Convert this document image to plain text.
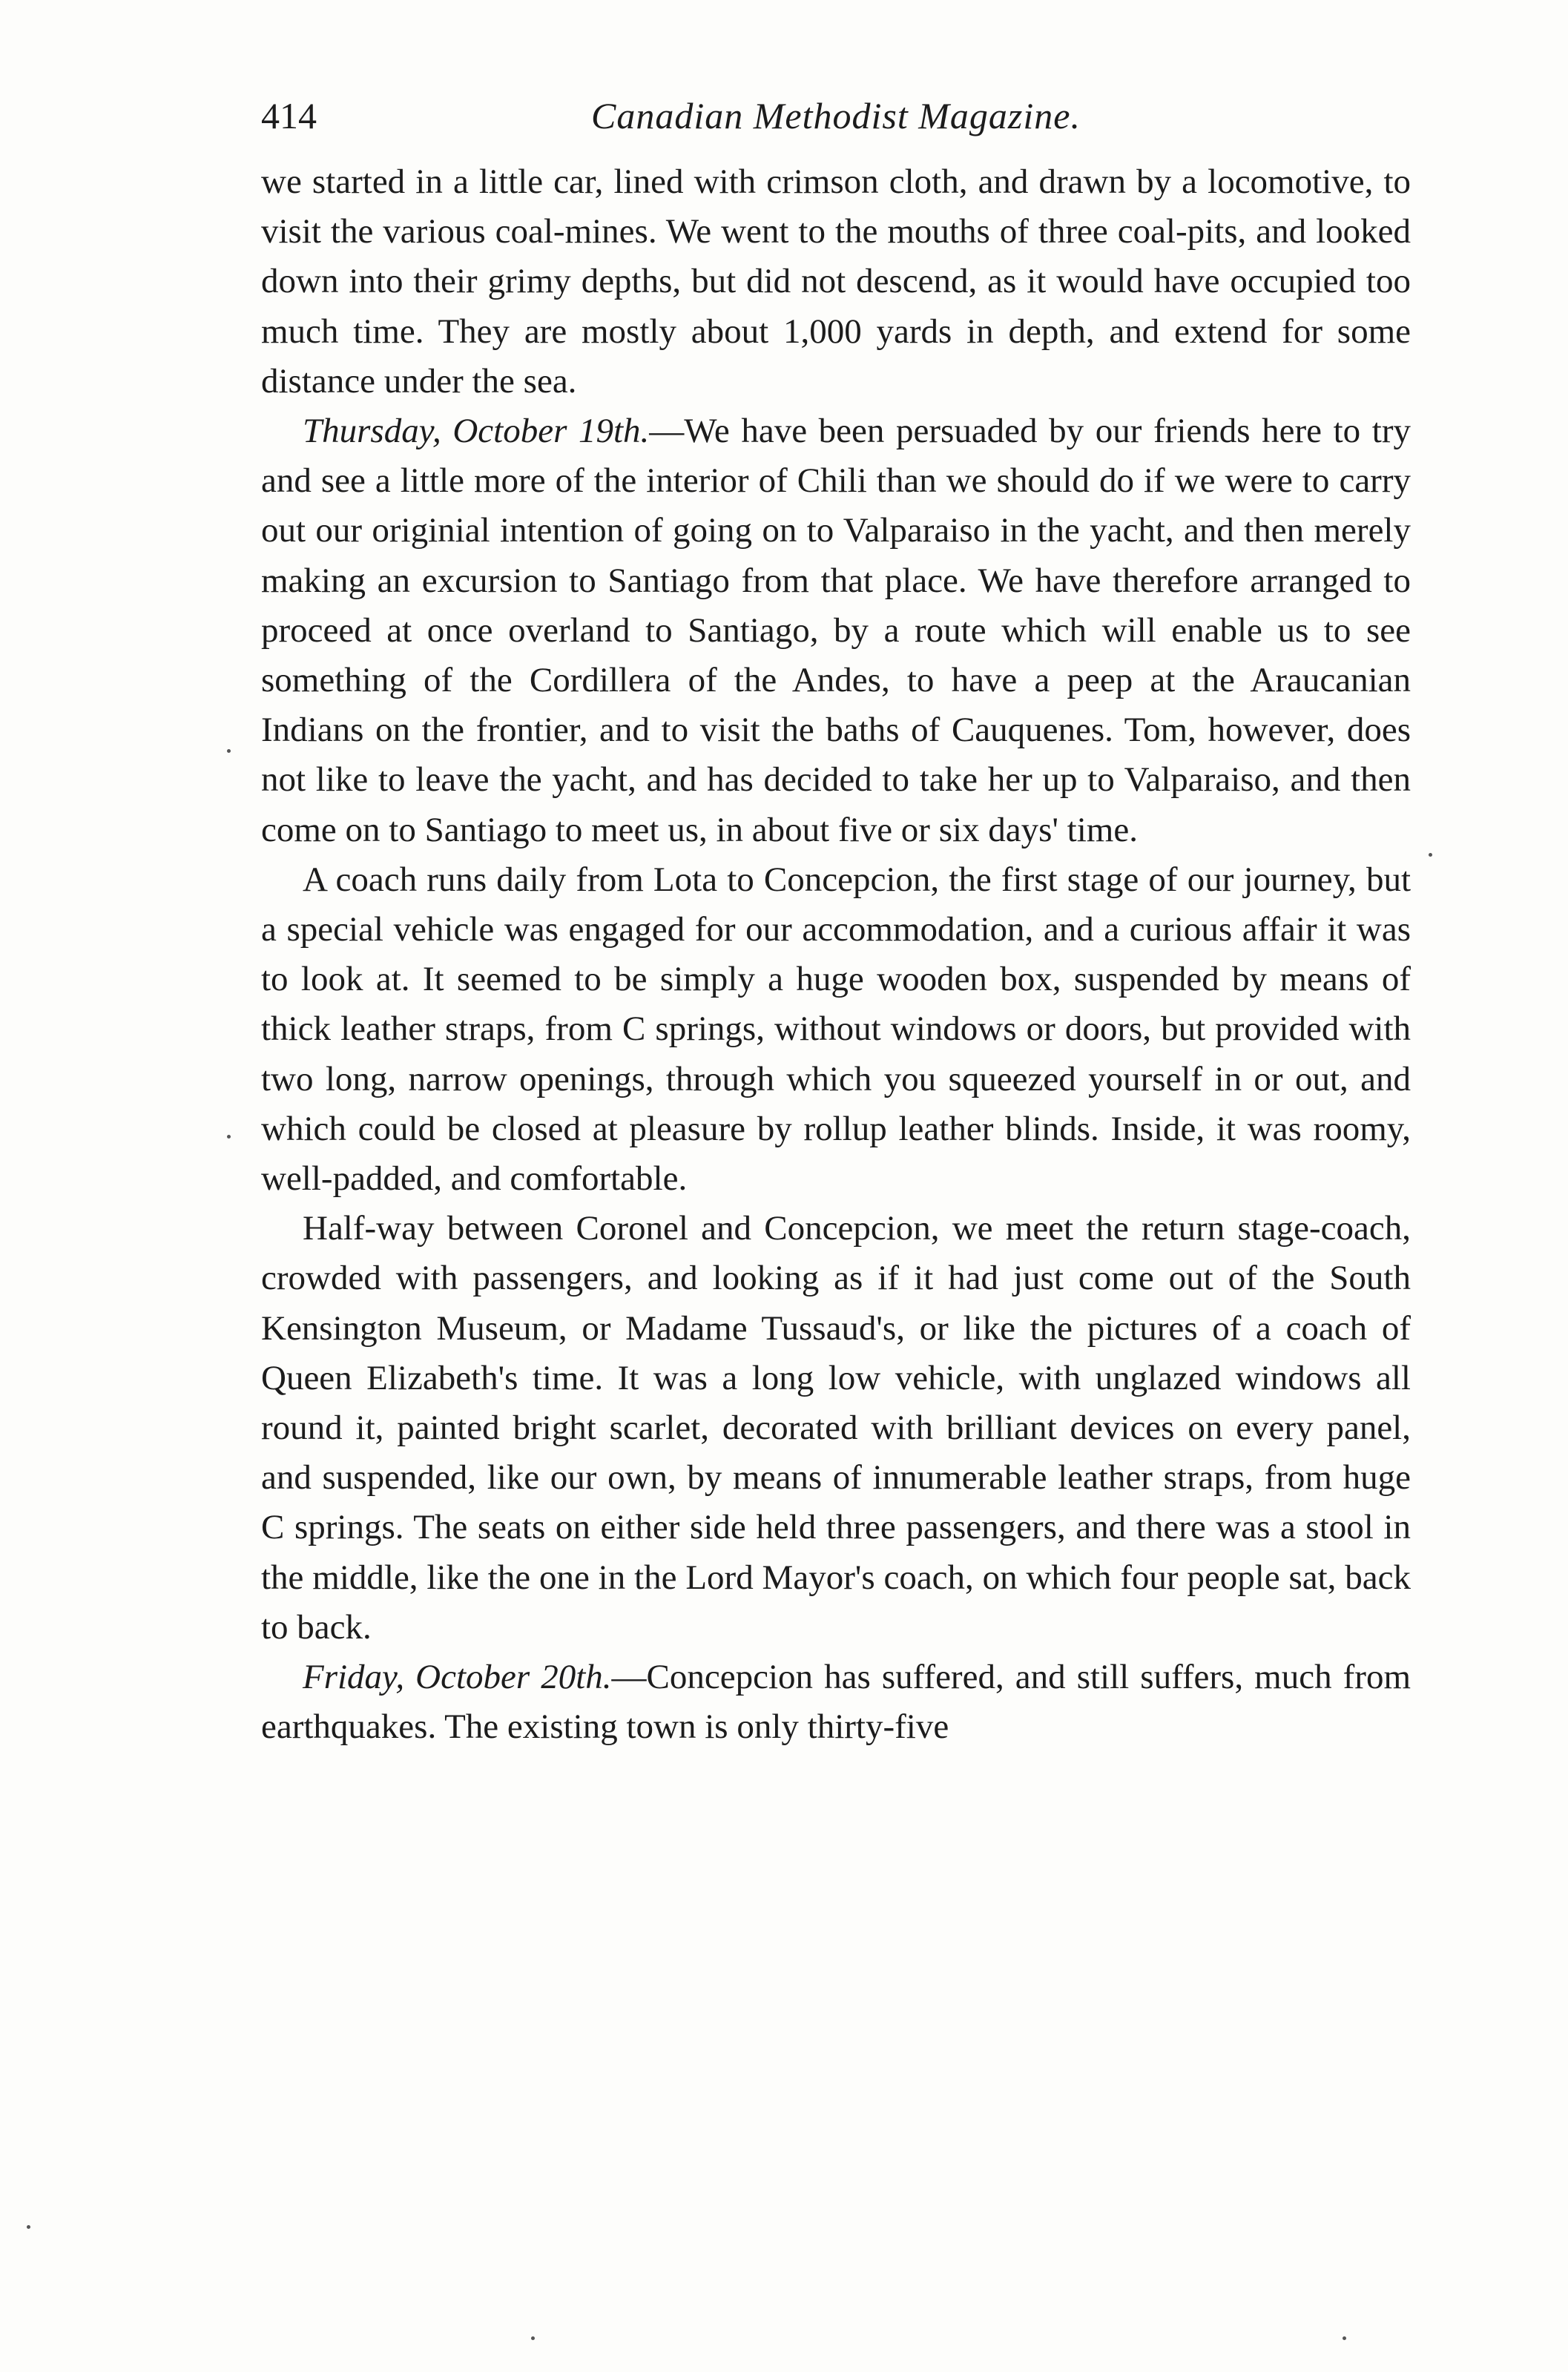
414	Canadian Methodist Magazine.

we started in a little car, lined with crimson cloth, and drawn by a locomotive, to visit the various coal-mines. We went to the mouths of three coal-pits, and looked down into their grimy depths, but did not descend, as it would have occupied too much time. They are mostly about 1,000 yards in depth, and extend for some distance under the sea.

Thursday, October 19th.—We have been persuaded by our friends here to try and see a little more of the interior of Chili than we should do if we were to carry out our originial intention of going on to Valparaiso in the yacht, and then merely making an excursion to Santiago from that place. We have therefore arranged to proceed at once overland to Santiago, by a route which will enable us to see something of the Cordillera of the Andes, to have a peep at the Araucanian Indians on the frontier, and to visit the baths of Cauquenes. Tom, however, does not like to leave the yacht, and has decided to take her up to Valparaiso, and then come on to Santiago to meet us, in about five or six days' time.

A coach runs daily from Lota to Concepcion, the first stage of our journey, but a special vehicle was engaged for our accommodation, and a curious affair it was to look at. It seemed to be simply a huge wooden box, suspended by means of thick leather straps, from C springs, without windows or doors, but provided with two long, narrow openings, through which you squeezed yourself in or out, and which could be closed at pleasure by rollup leather blinds. Inside, it was roomy, well-padded, and comfortable.

Half-way between Coronel and Concepcion, we meet the return stage-coach, crowded with passengers, and looking as if it had just come out of the South Kensington Museum, or Madame Tussaud's, or like the pictures of a coach of Queen Elizabeth's time. It was a long low vehicle, with unglazed windows all round it, painted bright scarlet, decorated with brilliant devices on every panel, and suspended, like our own, by means of innumerable leather straps, from huge C springs. The seats on either side held three passengers, and there was a stool in the middle, like the one in the Lord Mayor's coach, on which four people sat, back to back.

Friday, October 20th.—Concepcion has suffered, and still suffers, much from earthquakes. The existing town is only thirty-five
